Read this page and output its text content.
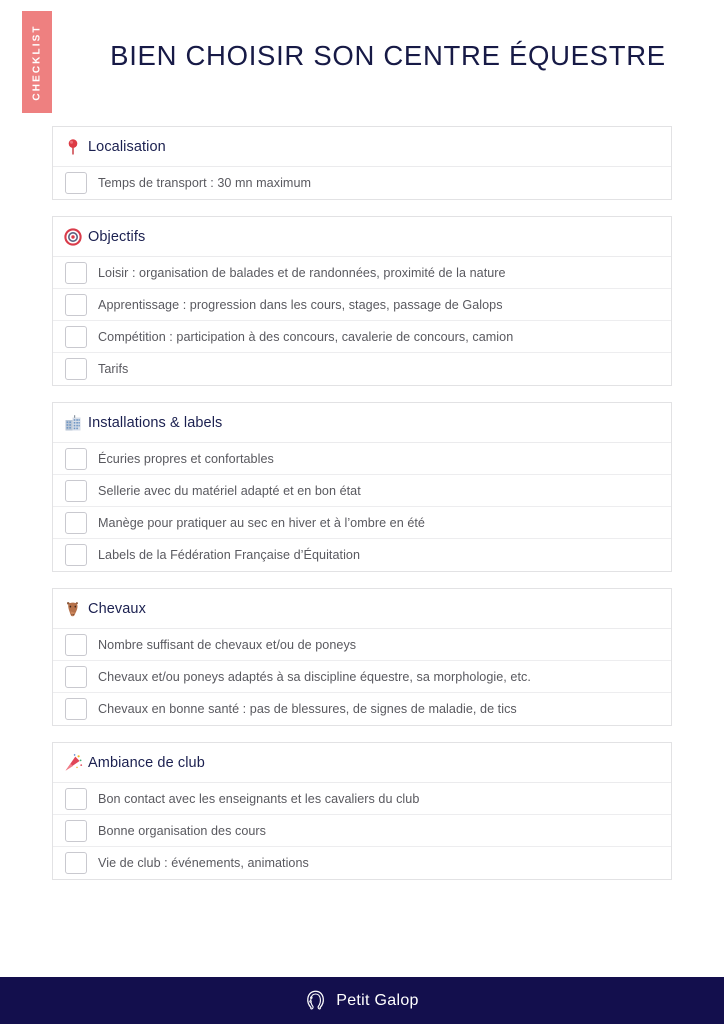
CHECKLIST	BIEN CHOISIR SON CENTRE ÉQUESTRE
Localisation
Temps de transport : 30 mn maximum
Objectifs
Loisir : organisation de balades et de randonnées, proximité de la nature
Apprentissage : progression dans les cours, stages, passage de Galops
Compétition : participation à des concours, cavalerie de concours, camion
Tarifs
Installations & labels
Écuries propres et confortables
Sellerie avec du matériel adapté et en bon état
Manège pour pratiquer au sec en hiver et à l’ombre en été
Labels de la Fédération Française d’Équitation
Chevaux
Nombre suffisant de chevaux et/ou de poneys
Chevaux et/ou poneys adaptés à sa discipline équestre, sa morphologie, etc.
Chevaux en bonne santé : pas de blessures, de signes de maladie, de tics
Ambiance de club
Bon contact avec les enseignants et les cavaliers du club
Bonne organisation des cours
Vie de club : événements, animations
Petit Galop
